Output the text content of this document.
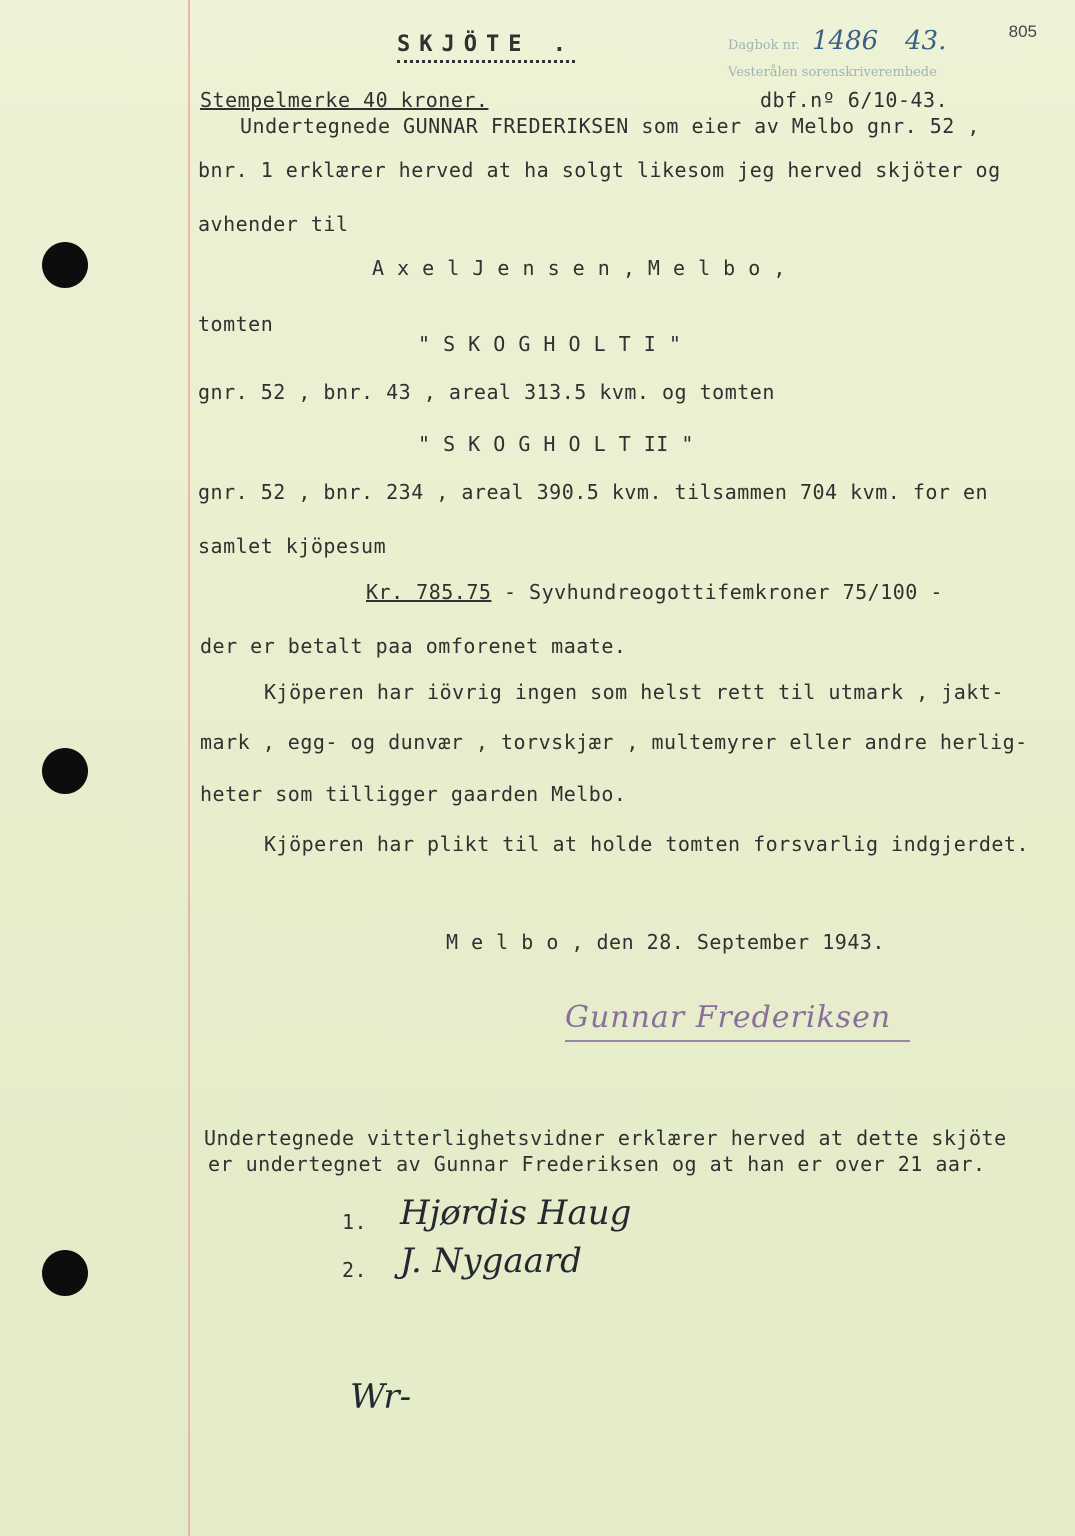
805
Dagbok nr. 1486 43.
Vesterålen sorenskriverembede
SKJÖTE .
Stempelmerke 40 kroner.	dbf.nº 6/10-43.
Undertegnede GUNNAR FREDERIKSEN som eier av Melbo gnr. 52 ,
bnr. 1 erklærer herved at ha solgt likesom jeg herved skjöter og
avhender til
A x e l J e n s e n , M e l b o ,
tomten
" S K O G H O L T I "
gnr. 52 , bnr. 43 , areal 313.5 kvm. og tomten
" S K O G H O L T II "
gnr. 52 , bnr. 234 , areal 390.5 kvm. tilsammen 704 kvm. for en
samlet kjöpesum
Kr. 785.75 - Syvhundreogottifemkroner 75/100 -
der er betalt paa omforenet maate.
Kjöperen har iövrig ingen som helst rett til utmark , jakt-
mark , egg- og dunvær , torvskjær , multemyrer eller andre herlig-
heter som tilligger gaarden Melbo.
Kjöperen har plikt til at holde tomten forsvarlig indgjerdet.
M e l b o , den 28. September 1943.
Gunnar Frederiksen
Undertegnede vitterlighetsvidner erklærer herved at dette skjöte
er undertegnet av Gunnar Frederiksen og at han er over 21 aar.
1. Hjørdis Haug
2. J. Nygaard
Wr-
